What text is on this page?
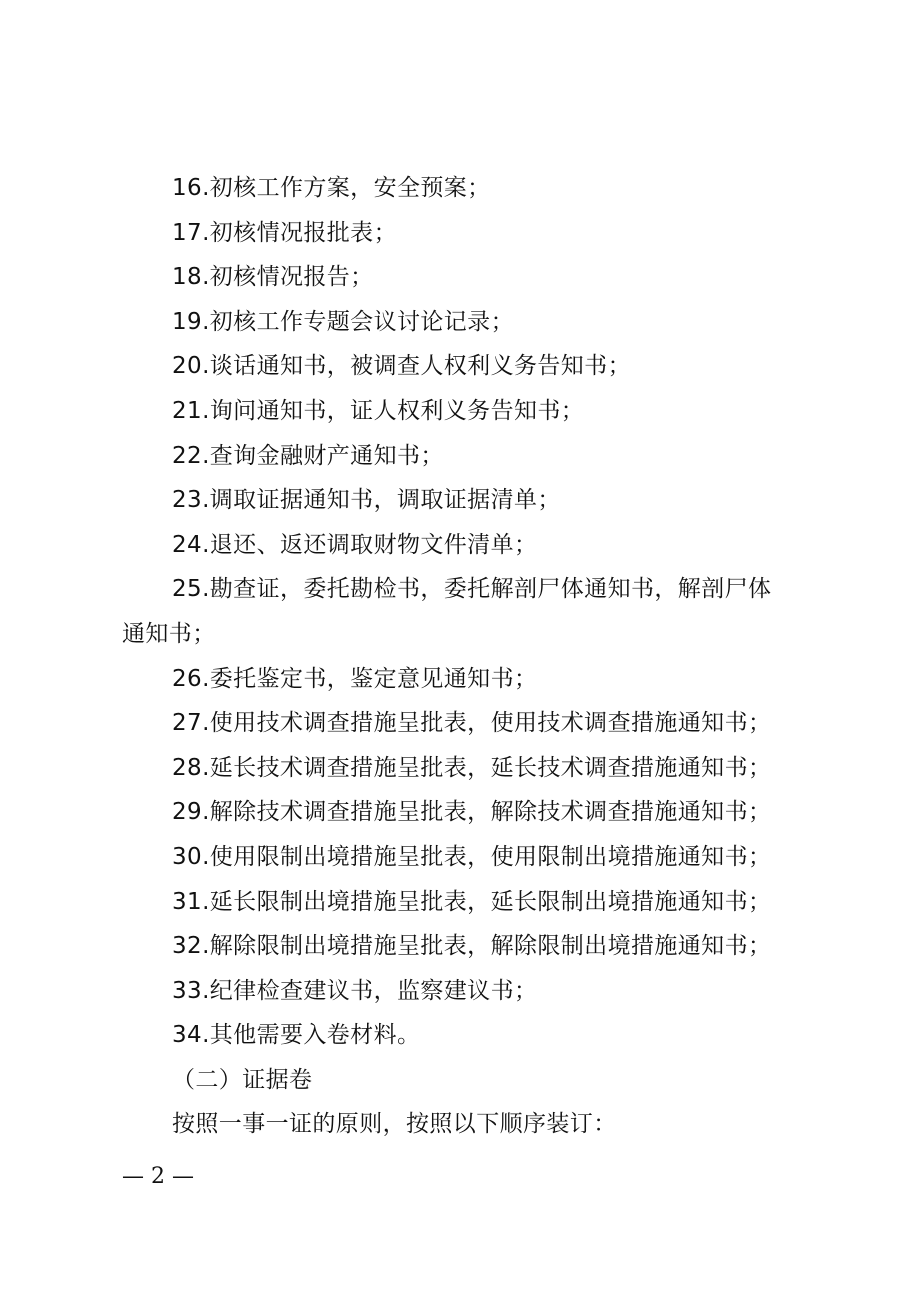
16.初核工作方案，安全预案；
17.初核情况报批表；
18.初核情况报告；
19.初核工作专题会议讨论记录；
20.谈话通知书，被调查人权利义务告知书；
21.询问通知书，证人权利义务告知书；
22.查询金融财产通知书；
23.调取证据通知书，调取证据清单；
24.退还、返还调取财物文件清单；
25.勘查证，委托勘检书，委托解剖尸体通知书，解剖尸体
通知书；
26.委托鉴定书，鉴定意见通知书；
27.使用技术调查措施呈批表，使用技术调查措施通知书；
28.延长技术调查措施呈批表，延长技术调查措施通知书；
29.解除技术调查措施呈批表，解除技术调查措施通知书；
30.使用限制出境措施呈批表，使用限制出境措施通知书；
31.延长限制出境措施呈批表，延长限制出境措施通知书；
32.解除限制出境措施呈批表，解除限制出境措施通知书；
33.纪律检查建议书，监察建议书；
34.其他需要入卷材料。
（二）证据卷
按照一事一证的原则，按照以下顺序装订：
— 2 —
